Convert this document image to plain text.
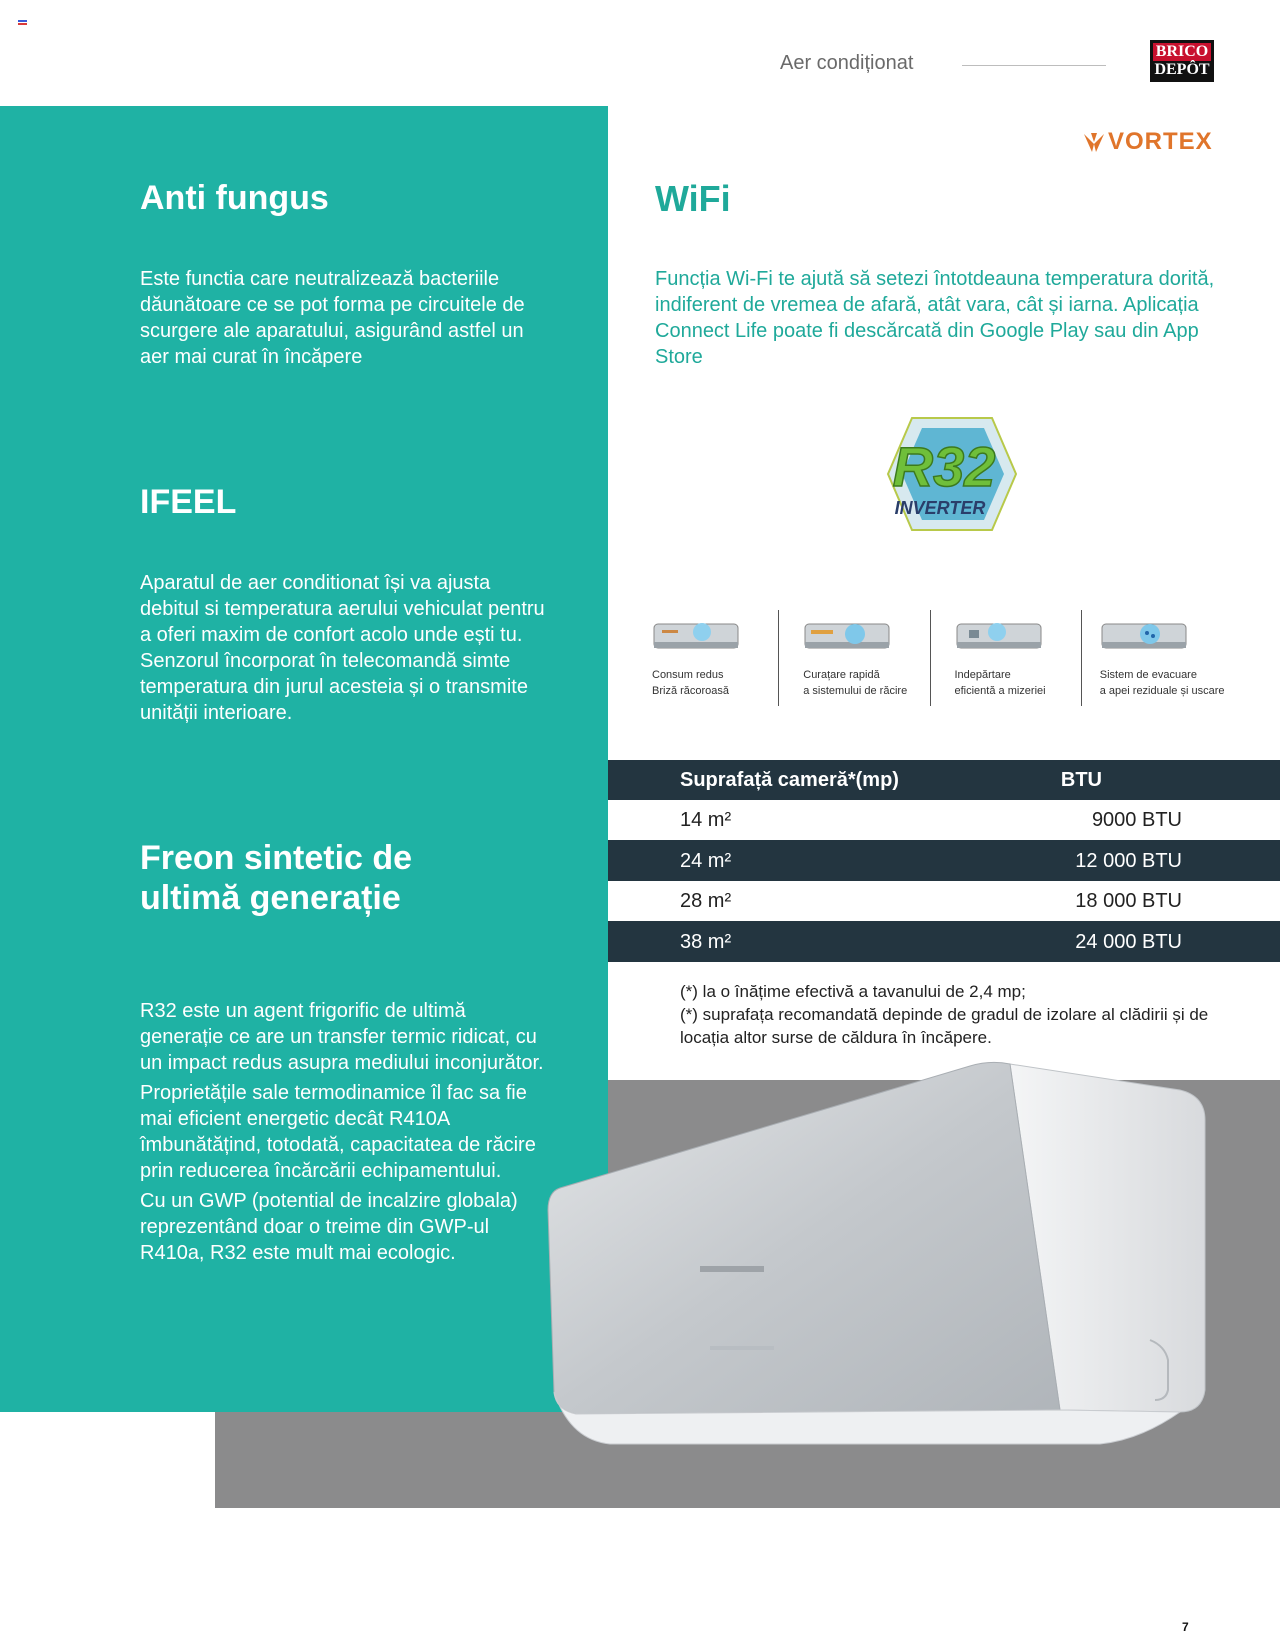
Aer condiționat
BRICO
DEPÔT
VORTEX
Anti fungus

Este functia care neutralizează bacteriile dăunătoare ce se pot forma pe circuitele de scurgere ale aparatului, asigurând astfel un aer mai curat în încăpere

IFEEL

Aparatul de aer conditionat își va ajusta debitul si temperatura aerului vehiculat pentru a oferi maxim de confort acolo unde ești tu. Senzorul încorporat în telecomandă simte temperatura din jurul acesteia și o transmite unității interioare.

Freon sintetic de
ultimă generație

R32 este un agent frigorific de ultimă generație ce are un transfer termic ridicat, cu un impact redus asupra mediului inconjurător.

Proprietățile sale termodinamice îl fac sa fie mai eficient energetic decât R410A îmbunătățind, totodată, capacitatea de răcire prin reducerea încărcării echipamentului.

Cu un GWP (potential de incalzire globala) reprezentând doar o treime din GWP-ul R410a, R32 este mult mai ecologic.

WiFi

Funcția Wi-Fi te ajută să setezi întotdeauna temperatura dorită, indiferent de vremea de afară, atât vara, cât și iarna. Aplicația Connect Life poate fi descărcată din Google Play sau din App Store

R32
INVERTER
Consum redus
Briză răcoroasă
Curațare rapidă
a sistemului de răcire
Indepărtare
eficientă a mizeriei
Sistem de evacuare
a apei reziduale și uscare
Suprafață cameră*(mp)	BTU
14 m²	9000 BTU
24 m²	12 000 BTU
28 m²	18 000 BTU
38 m²	24 000 BTU

(*) la o înățime efectivă a tavanului de 2,4 mp;

(*) suprafața recomandată depinde de gradul de izolare al clădirii și de locația altor surse de căldura în încăpere.

7
